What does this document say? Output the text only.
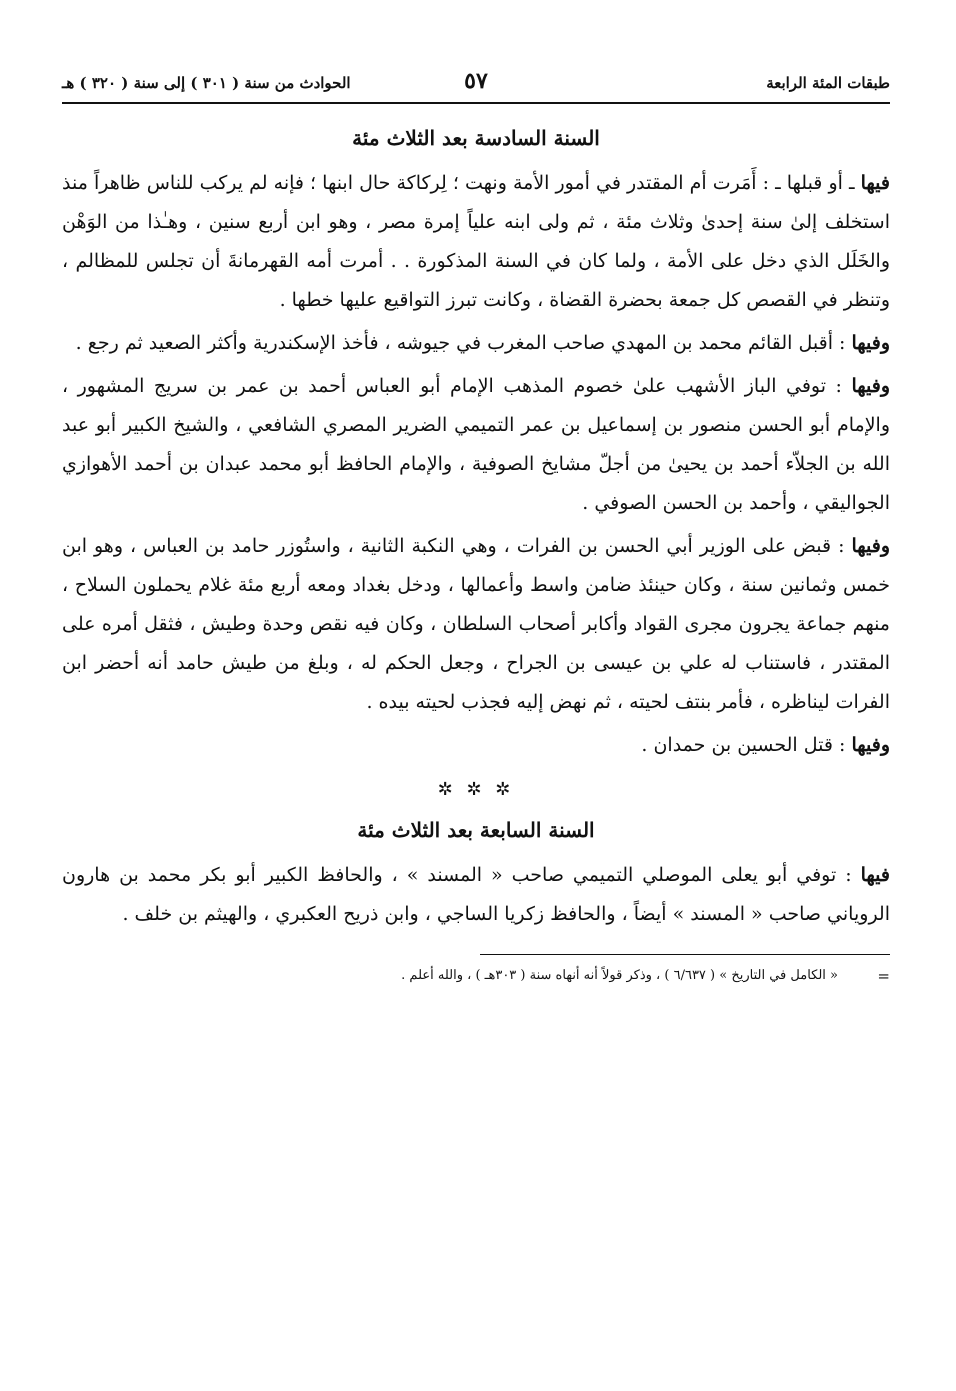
طبقات المئة الرابعة
٥٧
الحوادث من سنة ( ٣٠١ ) إلى سنة ( ٣٢٠ ) هـ
السنة السادسة بعد الثلاث مئة

فيها ـ أو قبلها ـ : أَمَرت أم المقتدر في أمور الأمة ونهت ؛ لِركاكة حال ابنها ؛ فإنه لم يركب للناس ظاهراً منذ استخلف إلىٰ سنة إحدىٰ وثلاث مئة ، ثم ولى ابنه علياً إمرة مصر ، وهو ابن أربع سنين ، وهـٰذا من الوَهْن والخَلَل الذي دخل على الأمة ، ولما كان في السنة المذكورة . . أمرت أمه القهرمانةَ أن تجلس للمظالم ، وتنظر في القصص كل جمعة بحضرة القضاة ، وكانت تبرز التواقيع عليها خطها .

وفيها : أقبل القائم محمد بن المهدي صاحب المغرب في جيوشه ، فأخذ الإسكندرية وأكثر الصعيد ثم رجع .

وفيها : توفي الباز الأشهب علىٰ خصوم المذهب الإمام أبو العباس أحمد بن عمر بن سريج المشهور ، والإمام أبو الحسن منصور بن إسماعيل بن عمر التميمي الضرير المصري الشافعي ، والشيخ الكبير أبو عبد الله بن الجلاّء أحمد بن يحيىٰ من أجلّ مشايخ الصوفية ، والإمام الحافظ أبو محمد عبدان بن أحمد الأهوازي الجواليقي ، وأحمد بن الحسن الصوفي .

وفيها : قبض على الوزير أبي الحسن بن الفرات ، وهي النكبة الثانية ، واستُوزر حامد بن العباس ، وهو ابن خمس وثمانين سنة ، وكان حينئذ ضامن واسط وأعمالها ، ودخل بغداد ومعه أربع مئة غلام يحملون السلاح ، منهم جماعة يجرون مجرى القواد وأكابر أصحاب السلطان ، وكان فيه نقص وحدة وطيش ، فثقل أمره على المقتدر ، فاستناب له علي بن عيسى بن الجراح ، وجعل الحكم له ، وبلغ من طيش حامد أنه أحضر ابن الفرات ليناظره ، فأمر بنتف لحيته ، ثم نهض إليه فجذب لحيته بيده .

وفيها : قتل الحسين بن حمدان .

✲ ✲ ✲
السنة السابعة بعد الثلاث مئة

فيها : توفي أبو يعلى الموصلي التميمي صاحب « المسند » ، والحافظ الكبير أبو بكر محمد بن هارون الروياني صاحب « المسند » أيضاً ، والحافظ زكريا الساجي ، وابن ذريح العكبري ، والهيثم بن خلف .

=
« الكامل في التاريخ » ( ٦/٦٣٧ ) ، وذكر قولاً أنه أنهاه سنة ( ٣٠٣هـ ) ، والله أعلم .
